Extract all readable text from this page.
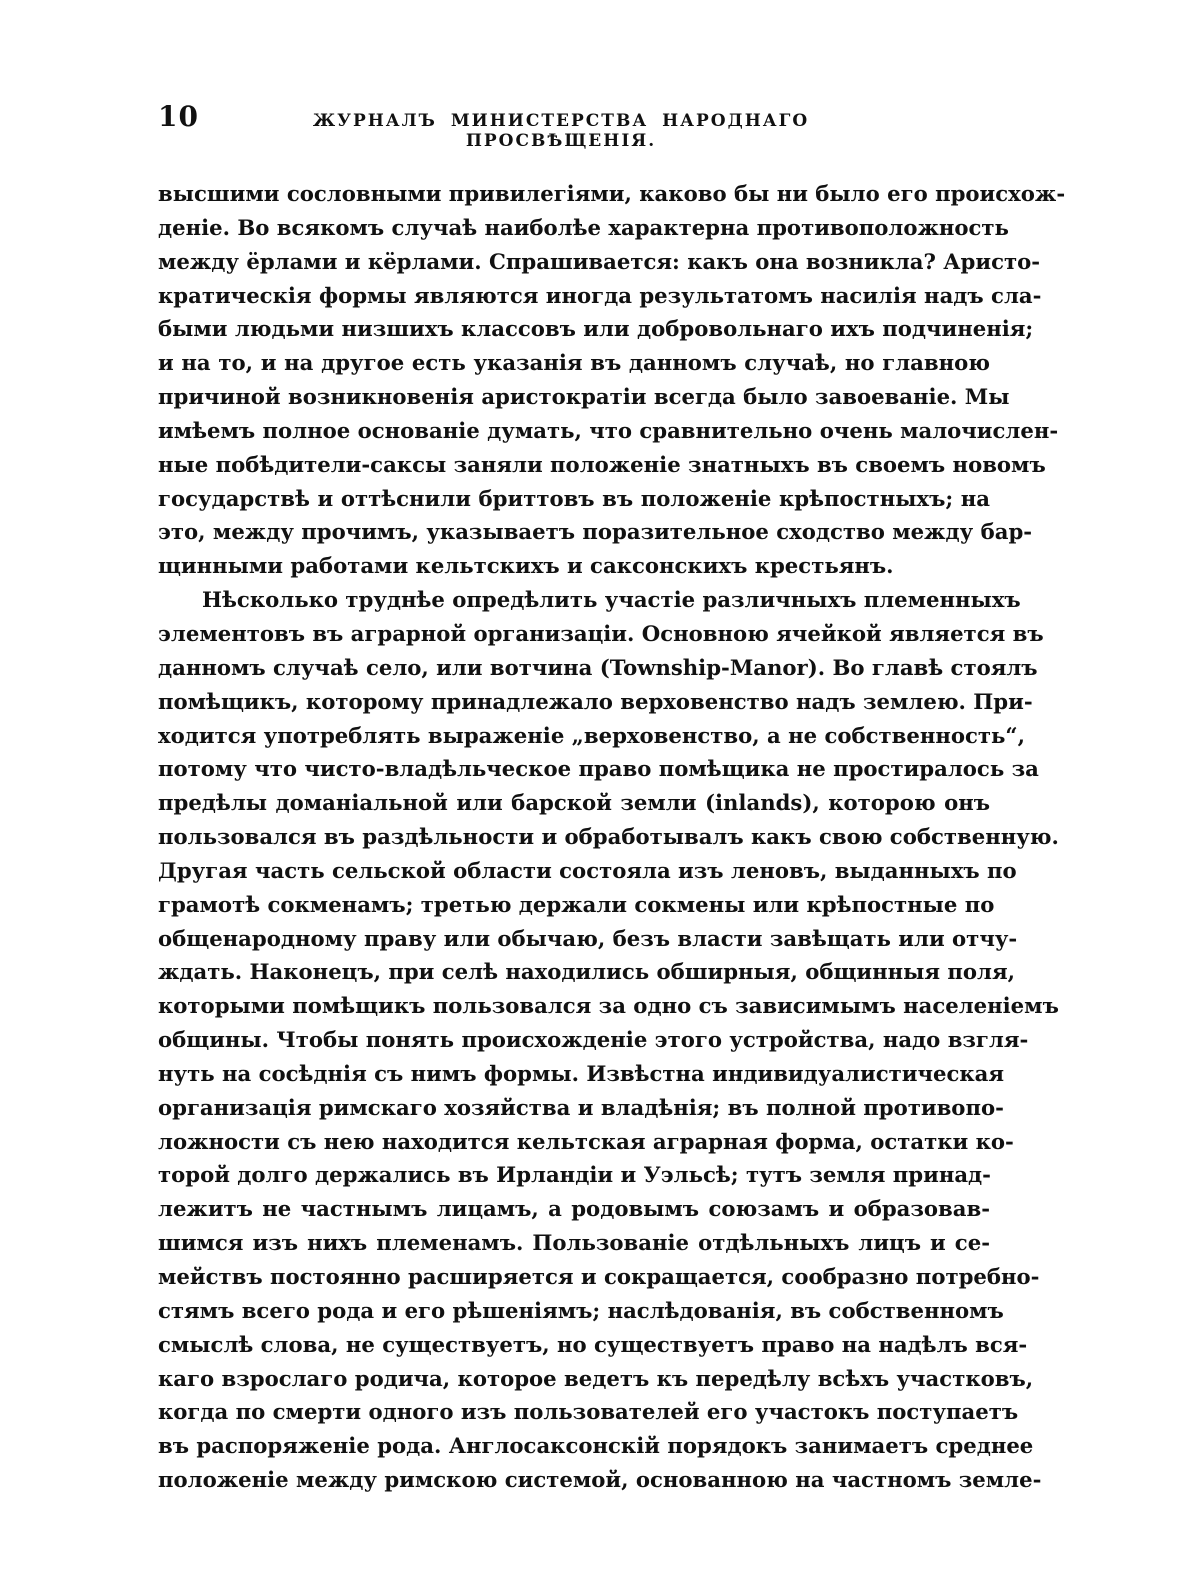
10	ЖУРНАЛЪ МИНИСТЕРСТВА НАРОДНАГО ПРОСВѢЩЕНІЯ.

высшими сословными привилегіями, каково бы ни было его происхож-
деніе. Во всякомъ случаѣ наиболѣе характерна противоположность
между ёрлами и кёрлами. Спрашивается: какъ она возникла? Аристо-
кратическія формы являются иногда результатомъ насилія надъ сла-
быми людьми низшихъ классовъ или добровольнаго ихъ подчиненія;
и на то, и на другое есть указанія въ данномъ случаѣ, но главною
причиной возникновенія аристократіи всегда было завоеваніе. Мы
имѣемъ полное основаніе думать, что сравнительно очень малочислен-
ные побѣдители-саксы заняли положеніе знатныхъ въ своемъ новомъ
государствѣ и оттѣснили бриттовъ въ положеніе крѣпостныхъ; на
это, между прочимъ, указываетъ поразительное сходство между бар-
щинными работами кельтскихъ и саксонскихъ крестьянъ.

Нѣсколько труднѣе опредѣлить участіе различныхъ племенныхъ
элементовъ въ аграрной организаціи. Основною ячейкой является въ
данномъ случаѣ село, или вотчина (Township-Manor). Во главѣ стоялъ
помѣщикъ, которому принадлежало верховенство надъ землею. При-
ходится употреблять выраженіе „верховенство, а не собственность“,
потому что чисто-владѣльческое право помѣщика не простиралось за
предѣлы доманіальной или барской земли (inlands), которою онъ
пользовался въ раздѣльности и обработывалъ какъ свою собственную.
Другая часть сельской области состояла изъ леновъ, выданныхъ по
грамотѣ сокменамъ; третью держали сокмены или крѣпостные по
общенародному праву или обычаю, безъ власти завѣщать или отчу-
ждать. Наконецъ, при селѣ находились обширныя, общинныя поля,
которыми помѣщикъ пользовался за одно съ зависимымъ населеніемъ
общины. Чтобы понять происхожденіе этого устройства, надо взгля-
нуть на сосѣднія съ нимъ формы. Извѣстна индивидуалистическая
организація римскаго хозяйства и владѣнія; въ полной противопо-
ложности съ нею находится кельтская аграрная форма, остатки ко-
торой долго держались въ Ирландіи и Уэльсѣ; тутъ земля принад-
лежитъ не частнымъ лицамъ, а родовымъ союзамъ и образовав-
шимся изъ нихъ племенамъ. Пользованіе отдѣльныхъ лицъ и се-
мействъ постоянно расширяется и сокращается, сообразно потребно-
стямъ всего рода и его рѣшеніямъ; наслѣдованія, въ собственномъ
смыслѣ слова, не существуетъ, но существуетъ право на надѣлъ вся-
каго взрослаго родича, которое ведетъ къ передѣлу всѣхъ участковъ,
когда по смерти одного изъ пользователей его участокъ поступаетъ
въ распоряженіе рода. Англосаксонскій порядокъ занимаетъ среднее
положеніе между римскою системой, основанною на частномъ земле-
